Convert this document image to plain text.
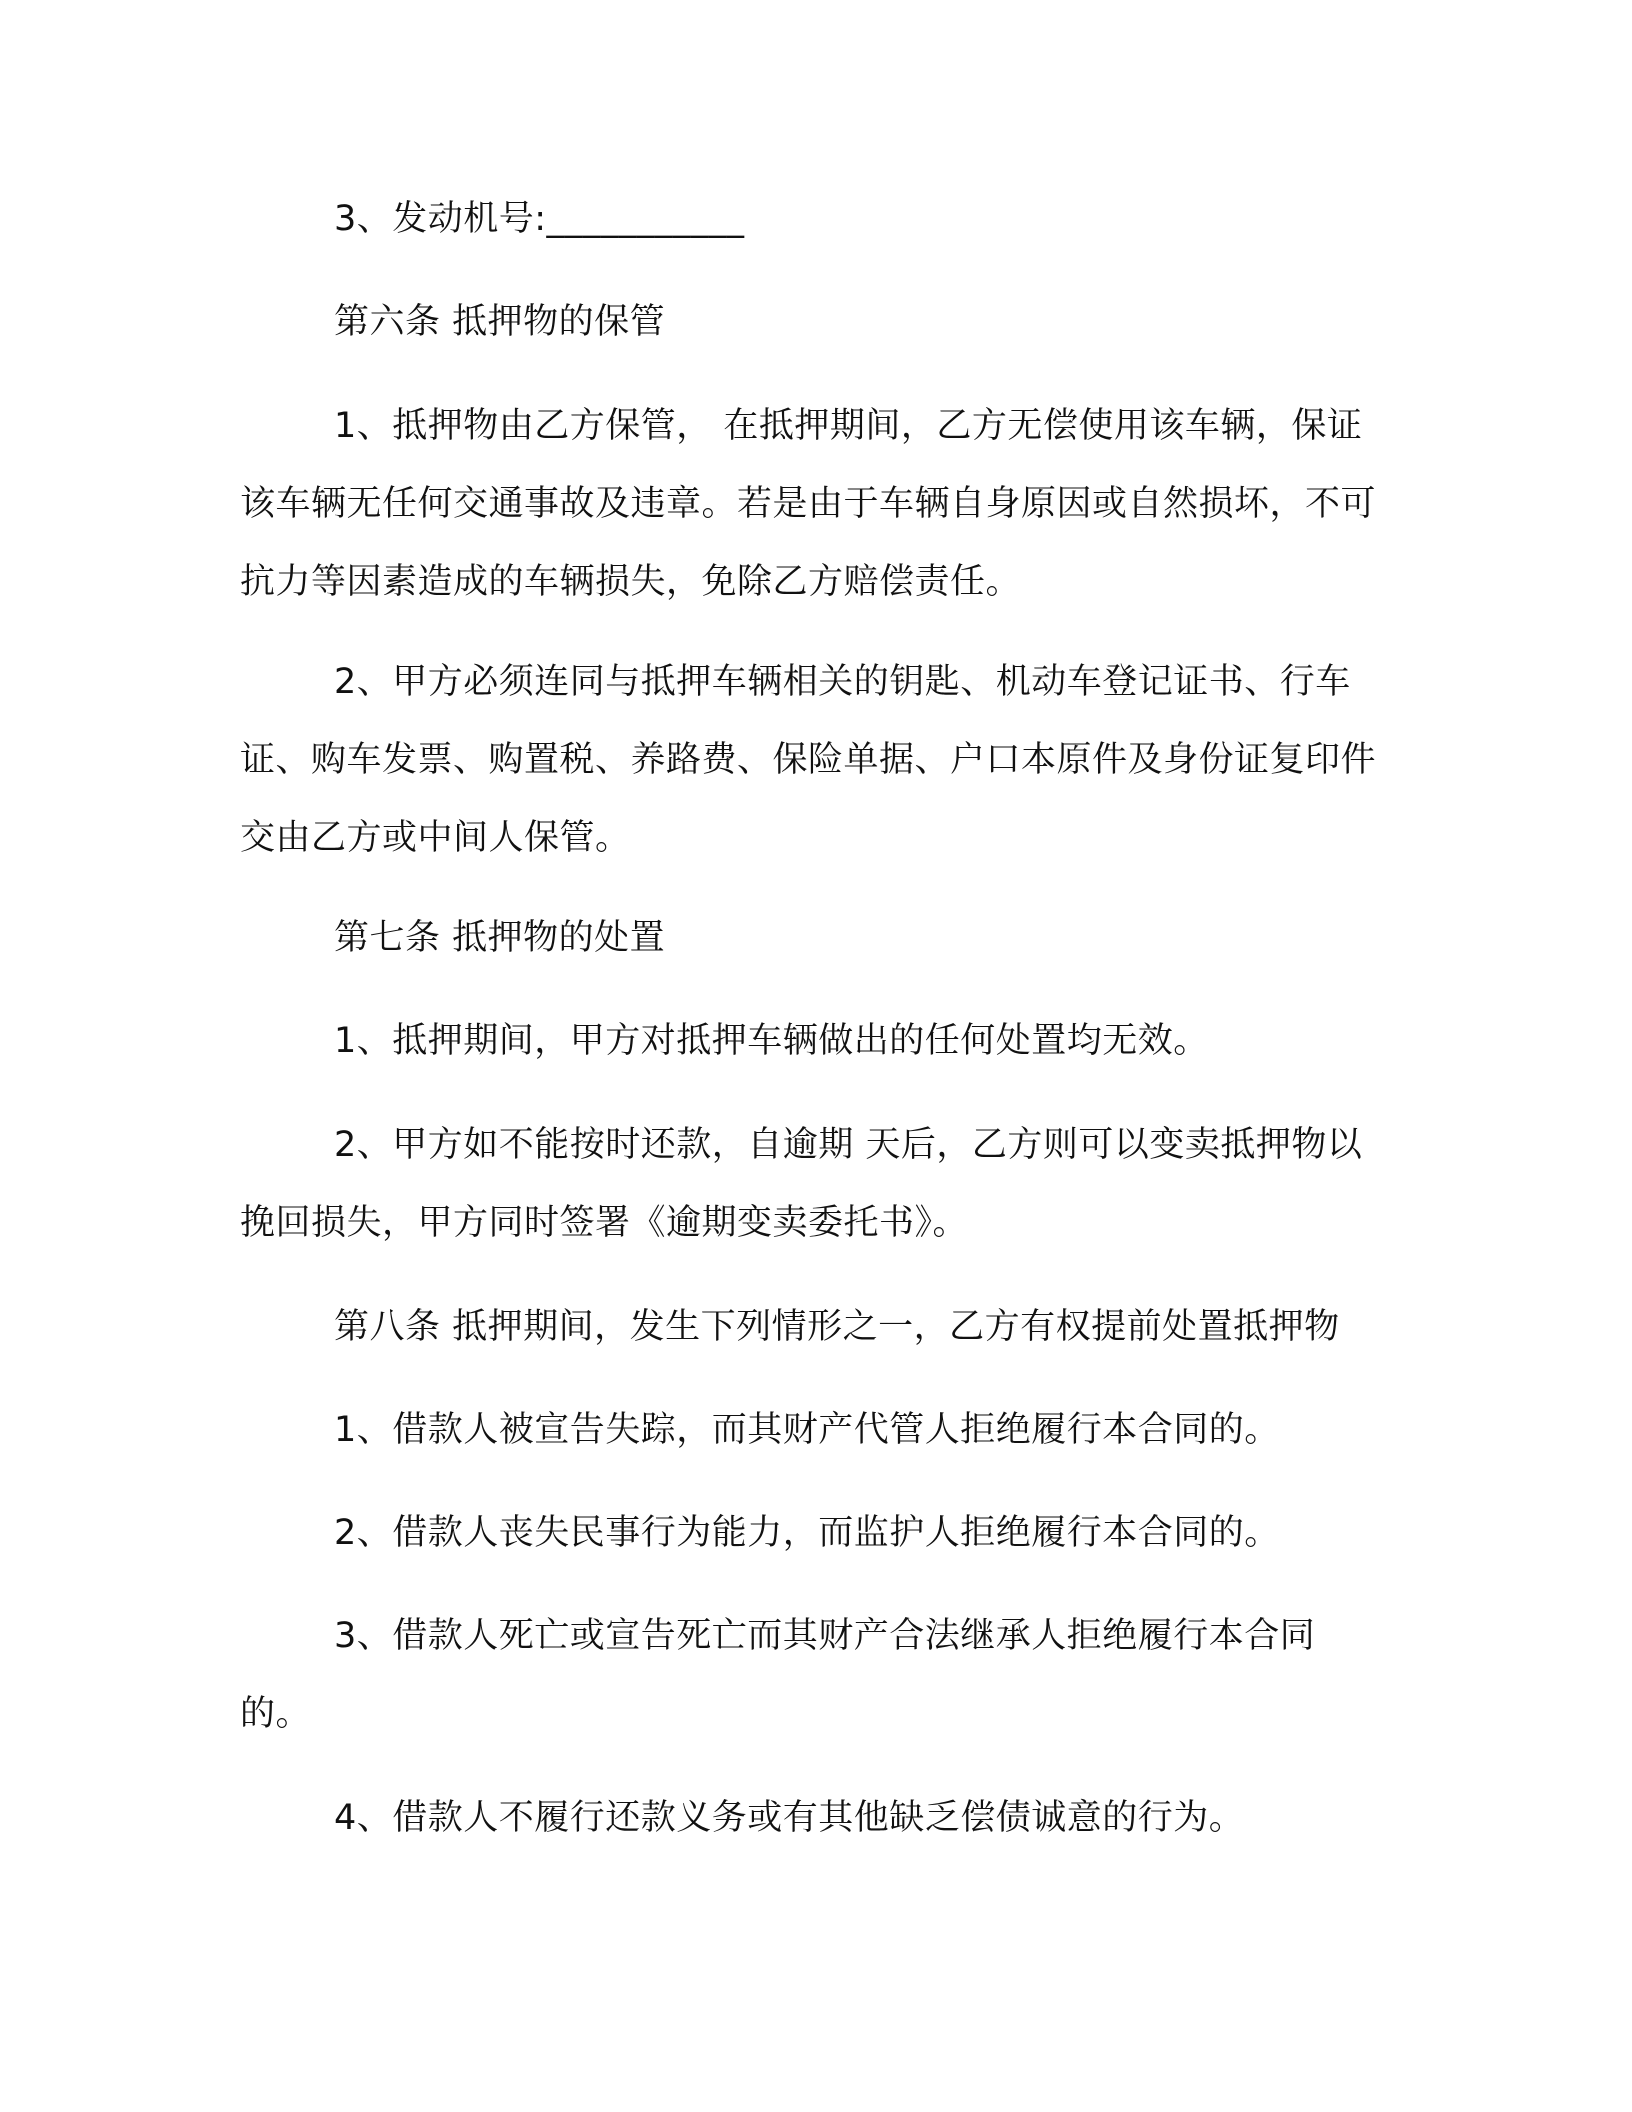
3、发动机号:___________

第六条 抵押物的保管

1、抵押物由乙方保管， 在抵押期间，乙方无偿使用该车辆，保证该车辆无任何交通事故及违章。若是由于车辆自身原因或自然损坏，不可抗力等因素造成的车辆损失，免除乙方赔偿责任。

2、甲方必须连同与抵押车辆相关的钥匙、机动车登记证书、行车证、购车发票、购置税、养路费、保险单据、户口本原件及身份证复印件交由乙方或中间人保管。

第七条 抵押物的处置

1、抵押期间，甲方对抵押车辆做出的任何处置均无效。

2、甲方如不能按时还款，自逾期 天后，乙方则可以变卖抵押物以挽回损失，甲方同时签署《逾期变卖委托书》。

第八条 抵押期间，发生下列情形之一，乙方有权提前处置抵押物

1、借款人被宣告失踪，而其财产代管人拒绝履行本合同的。

2、借款人丧失民事行为能力，而监护人拒绝履行本合同的。

3、借款人死亡或宣告死亡而其财产合法继承人拒绝履行本合同的。

4、借款人不履行还款义务或有其他缺乏偿债诚意的行为。
